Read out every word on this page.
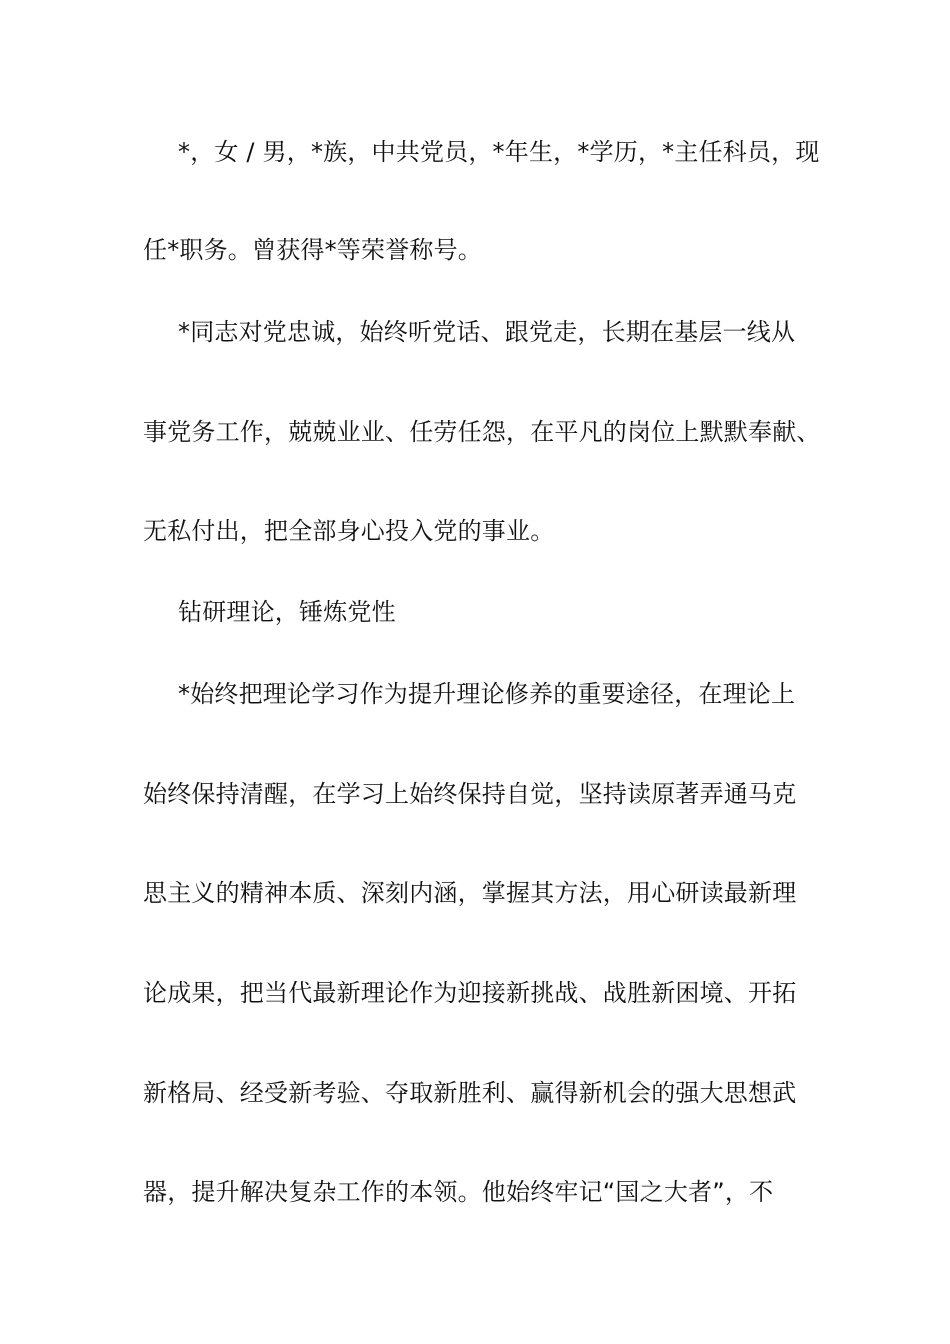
*，女 / 男，*族，中共党员，*年生，*学历，*主任科员，现
任*职务。曾获得*等荣誉称号。
*同志对党忠诚，始终听党话、跟党走，长期在基层一线从
事党务工作，兢兢业业、任劳任怨，在平凡的岗位上默默奉献、
无私付出，把全部身心投入党的事业。
钻研理论，锤炼党性
*始终把理论学习作为提升理论修养的重要途径，在理论上
始终保持清醒，在学习上始终保持自觉，坚持读原著弄通马克
思主义的精神本质、深刻内涵，掌握其方法，用心研读最新理
论成果，把当代最新理论作为迎接新挑战、战胜新困境、开拓
新格局、经受新考验、夺取新胜利、赢得新机会的强大思想武
器，提升解决复杂工作的本领。他始终牢记“国之大者”，不
